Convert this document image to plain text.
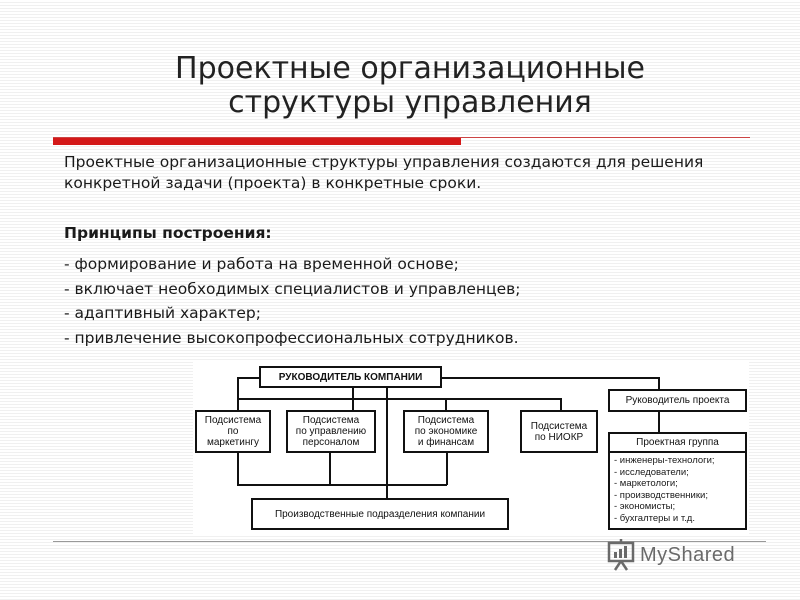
Проектные организационные
структуры управления

Проектные организационные структуры управления создаются для решения конкретной задачи (проекта) в конкретные сроки.

Принципы построения:

- формирование и работа на временной основе;
- включает необходимых специалистов и управленцев;
- адаптивный характер;
- привлечение высокопрофессиональных сотрудников.
РУКОВОДИТЕЛЬ КОМПАНИИ
Подсистема
по
маркетингу
Подсистема
по управлению
персоналом
Подсистема
по экономике
и финансам
Подсистема
по НИОКР
Производственные подразделения компании
Руководитель проекта
Проектная группа
- инженеры-технологи;
- исследователи;
- маркетологи;
- производственники;
- экономисты;
- бухгалтеры и т.д.
MyShared
